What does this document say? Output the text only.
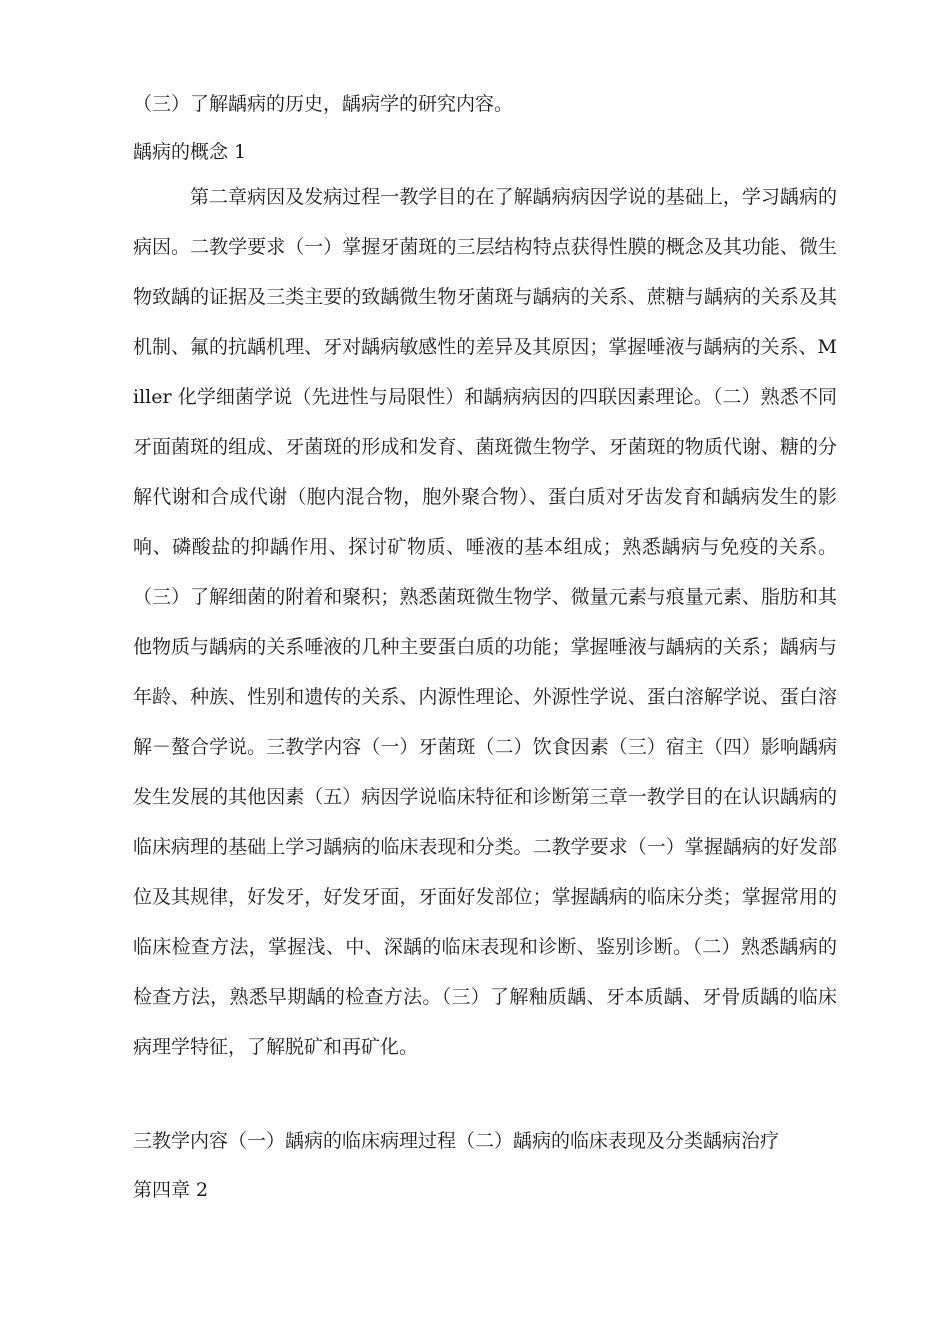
（三）了解龋病的历史，龋病学的研究内容。
龋病的概念 1

第二章病因及发病过程一教学目的在了解龋病病因学说的基础上，学习龋病的病因。二教学要求（一）掌握牙菌斑的三层结构特点获得性膜的概念及其功能、微生物致龋的证据及三类主要的致龋微生物牙菌斑与龋病的关系、蔗糖与龋病的关系及其机制、氟的抗龋机理、牙对龋病敏感性的差异及其原因；掌握唾液与龋病的关系、Miller 化学细菌学说（先进性与局限性）和龋病病因的四联因素理论。（二）熟悉不同牙面菌斑的组成、牙菌斑的形成和发育、菌斑微生物学、牙菌斑的物质代谢、糖的分解代谢和合成代谢（胞内混合物，胞外聚合物）、蛋白质对牙齿发育和龋病发生的影响、磷酸盐的抑龋作用、探讨矿物质、唾液的基本组成；熟悉龋病与免疫的关系。（三）了解细菌的附着和聚积；熟悉菌斑微生物学、微量元素与痕量元素、脂肪和其他物质与龋病的关系唾液的几种主要蛋白质的功能；掌握唾液与龋病的关系；龋病与年龄、种族、性别和遗传的关系、内源性理论、外源性学说、蛋白溶解学说、蛋白溶解－螯合学说。三教学内容（一）牙菌斑（二）饮食因素（三）宿主（四）影响龋病发生发展的其他因素（五）病因学说临床特征和诊断第三章一教学目的在认识龋病的临床病理的基础上学习龋病的临床表现和分类。二教学要求（一）掌握龋病的好发部位及其规律，好发牙，好发牙面，牙面好发部位；掌握龋病的临床分类；掌握常用的临床检查方法，掌握浅、中、深龋的临床表现和诊断、鉴别诊断。（二）熟悉龋病的检查方法，熟悉早期龋的检查方法。（三）了解釉质龋、牙本质龋、牙骨质龋的临床病理学特征，了解脱矿和再矿化。

三教学内容（一）龋病的临床病理过程（二）龋病的临床表现及分类龋病治疗
第四章 2
